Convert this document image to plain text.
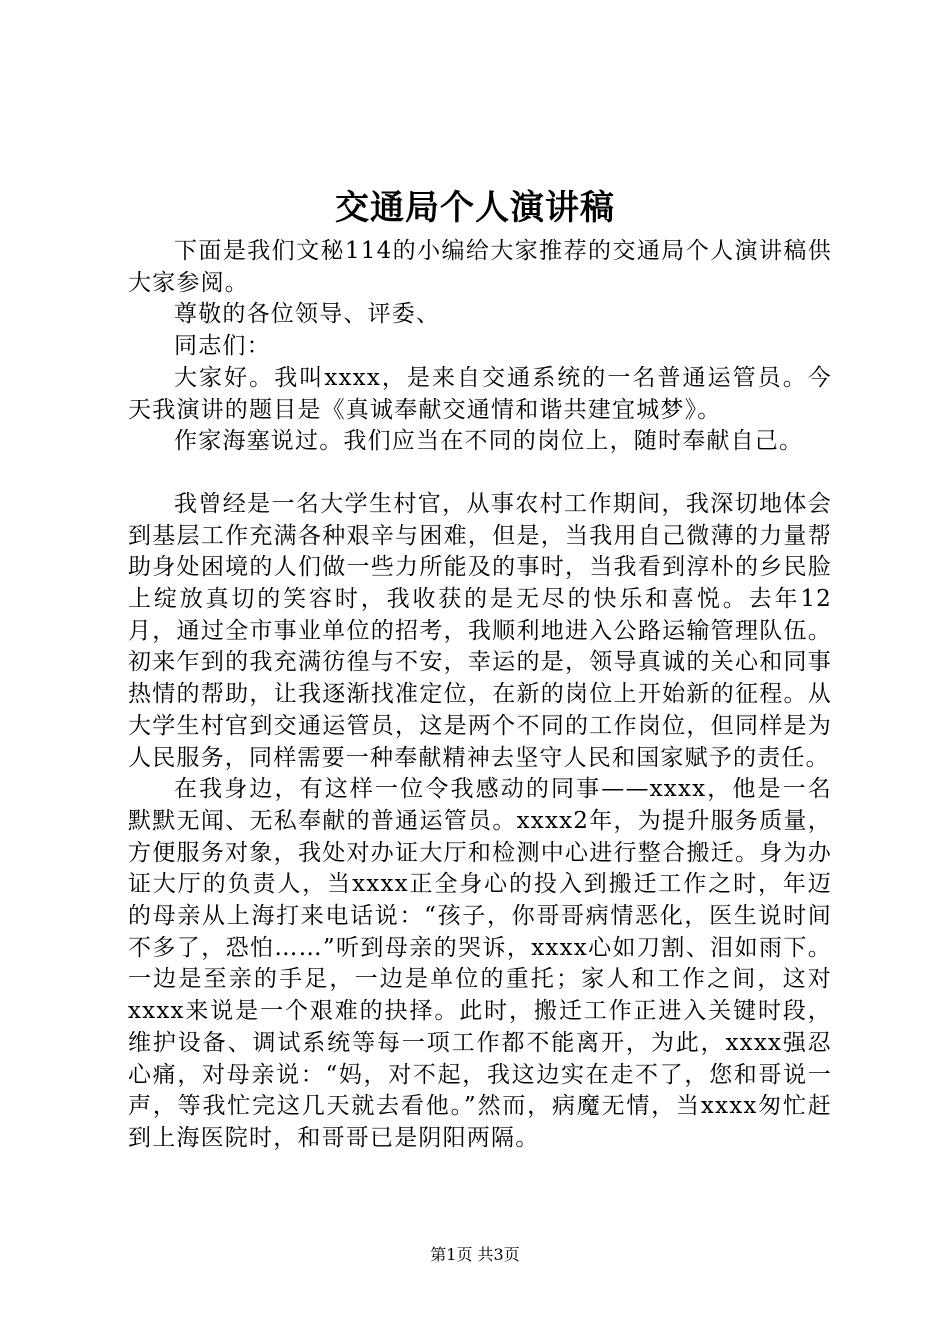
交通局个人演讲稿

下面是我们文秘114的小编给大家推荐的交通局个人演讲稿供大家参阅。

尊敬的各位领导、评委、

同志们：

大家好。我叫xxxx，是来自交通系统的一名普通运管员。今天我演讲的题目是《真诚奉献交通情和谐共建宜城梦》。

作家海塞说过。我们应当在不同的岗位上，随时奉献自己。

我曾经是一名大学生村官，从事农村工作期间，我深切地体会到基层工作充满各种艰辛与困难，但是，当我用自己微薄的力量帮助身处困境的人们做一些力所能及的事时，当我看到淳朴的乡民脸上绽放真切的笑容时，我收获的是无尽的快乐和喜悦。去年12月，通过全市事业单位的招考，我顺利地进入公路运输管理队伍。初来乍到的我充满彷徨与不安，幸运的是，领导真诚的关心和同事热情的帮助，让我逐渐找准定位，在新的岗位上开始新的征程。从大学生村官到交通运管员，这是两个不同的工作岗位，但同样是为人民服务，同样需要一种奉献精神去坚守人民和国家赋予的责任。

在我身边，有这样一位令我感动的同事——xxxx，他是一名默默无闻、无私奉献的普通运管员。xxxx2年，为提升服务质量，方便服务对象，我处对办证大厅和检测中心进行整合搬迁。身为办证大厅的负责人，当xxxx正全身心的投入到搬迁工作之时，年迈的母亲从上海打来电话说：“孩子，你哥哥病情恶化，医生说时间不多了，恐怕……”听到母亲的哭诉，xxxx心如刀割、泪如雨下。一边是至亲的手足，一边是单位的重托；家人和工作之间，这对xxxx来说是一个艰难的抉择。此时，搬迁工作正进入关键时段，维护设备、调试系统等每一项工作都不能离开，为此，xxxx强忍心痛，对母亲说：“妈，对不起，我这边实在走不了，您和哥说一声，等我忙完这几天就去看他。”然而，病魔无情，当xxxx匆忙赶到上海医院时，和哥哥已是阴阳两隔。

第1页 共3页
